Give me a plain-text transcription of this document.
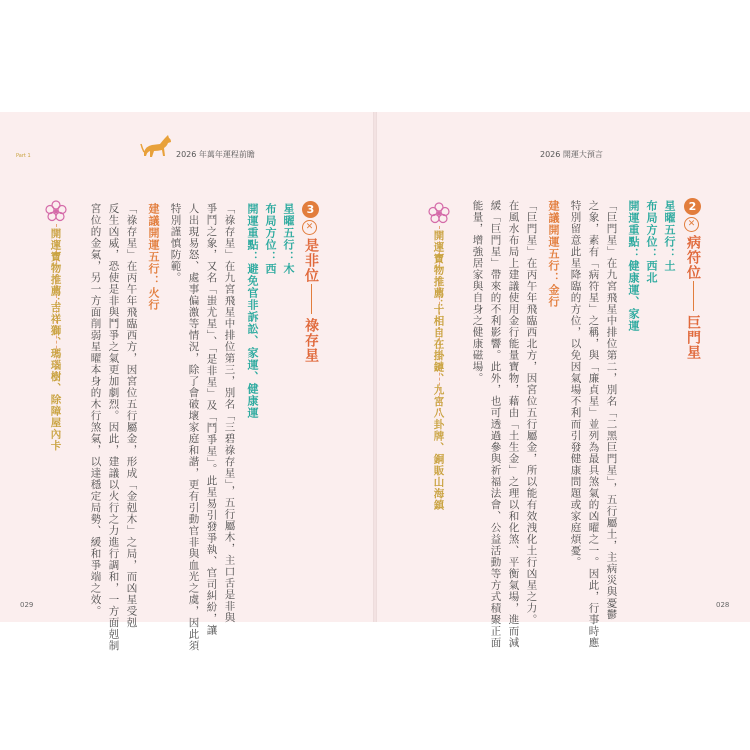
Part 1	2026 年萬年運程前瞻
3
✕
是非位
祿存星
星曜五行：木
布局方位：西
開運重點：避免官非訴訟、家運、健康運
「祿存星」在九宮飛星中排位第三，別名「三碧祿存星」，五行屬木，主口舌是非與
爭鬥之象，又名「蚩尤星」、「是非星」及「鬥爭星」。此星易引發爭執、官司糾紛，讓
人出現易怒、處事偏激等情況，除了會破壞家庭和諧，更有引動官非與血光之虞，因此須
特別謹慎防範。
建議開運五行：火行
「祿存星」在丙午年飛臨西方，因宮位五行屬金，形成「金剋木」之局，而凶星受剋
反生凶威，恐使是非與鬥爭之氣更加劇烈。因此，建議以火行之力進行調和，一方面剋制
宮位的金氣，另一方面削弱星曜本身的木行煞氣，以達穩定局勢、緩和爭端之效。
開運寶物推薦：
吉祥獅、瑪瑙樹、除障屋內卡
029
2026 開運大預言
2
✕
病符位
巨門星
星曜五行：土
布局方位：西北
開運重點：健康運、家運
「巨門星」在九宮飛星中排位第二，別名「二黑巨門星」，五行屬土，主病災與憂鬱
之象，素有「病符星」之稱，與「廉貞星」並列為最具煞氣的凶曜之一。因此，行事時應
特別留意此星降臨的方位，以免因氣場不利而引發健康問題或家庭煩憂。
建議開運五行：金行
「巨門星」在丙午年飛臨西北方，因宮位五行屬金，所以能有效洩化土行凶星之力。
在風水布局上建議使用金行能量寶物，藉由「土生金」之理以和化煞、平衡氣場，進而減
緩「巨門星」帶來的不利影響。此外，也可透過參與祈福法會、公益活動等方式積聚正面
能量，增強居家與自身之健康磁場。
開運寶物推薦：
十相自在掛鏈、九宮八卦牌、銅販山海鎮
028
